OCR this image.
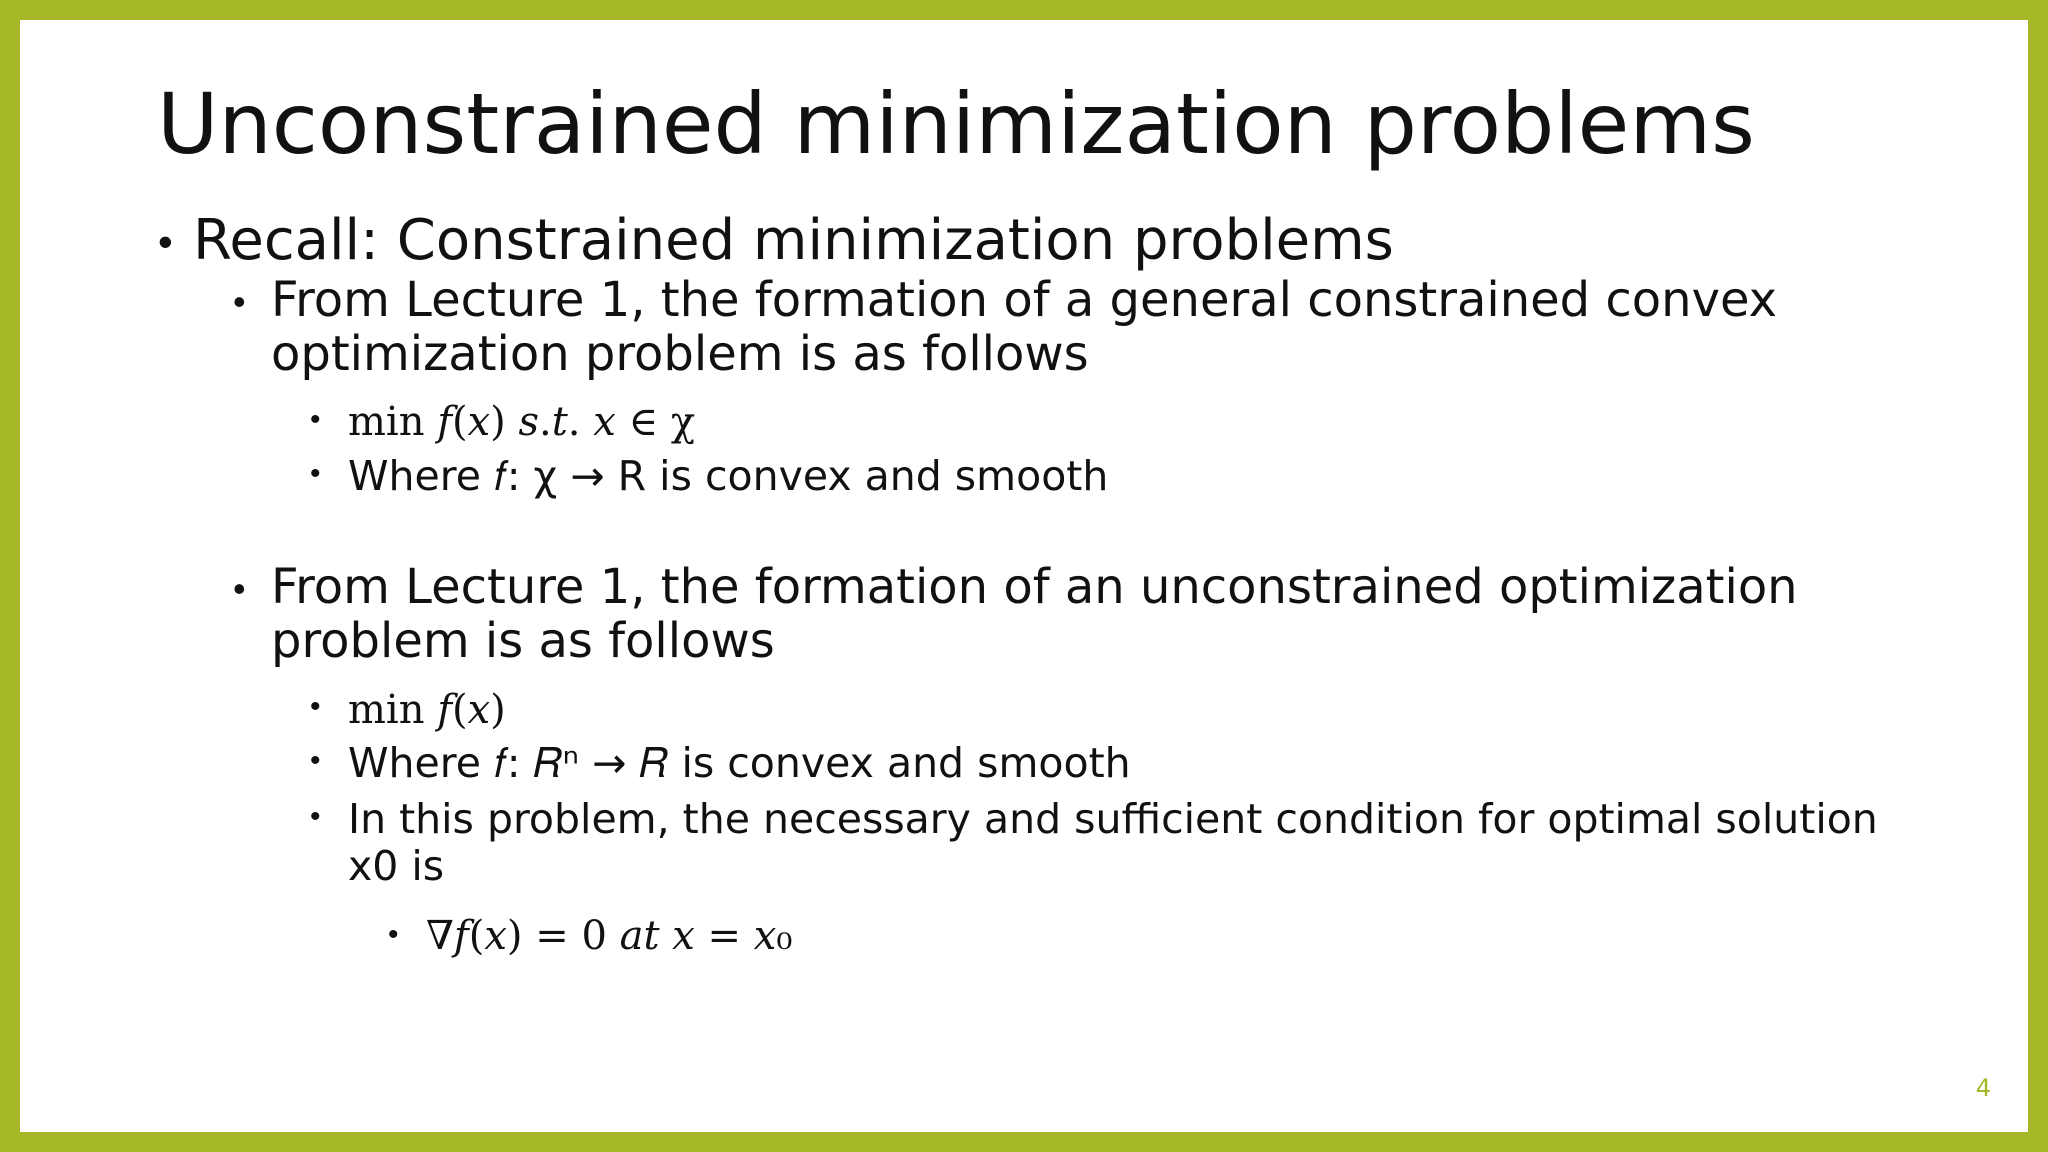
Unconstrained minimization problems
• Recall: Constrained minimization problems
• From Lecture 1, the formation of a general constrained convex
optimization problem is as follows
• min 𝑓(𝑥) 𝑠.𝑡. 𝑥 ∈ χ
• Where 𝑓: χ → R is convex and smooth
• From Lecture 1, the formation of an unconstrained optimization
problem is as follows
• min 𝑓(𝑥)
• Where 𝑓: 𝑅ⁿ → 𝑅 is convex and smooth
• In this problem, the necessary and sufficient condition for optimal solution
x0 is
• ∇𝑓(𝑥) = 0 𝑎𝑡 𝑥 = 𝑥₀
4
